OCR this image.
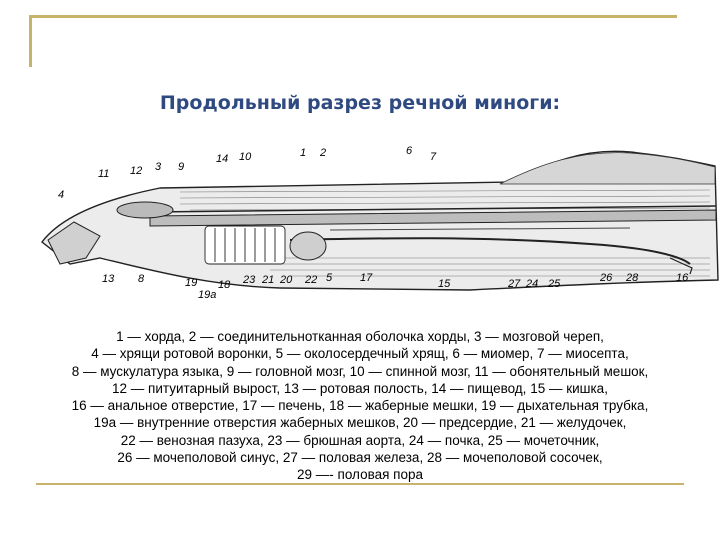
Продольный разрез речной миноги:
11 12 3 9
14 10	1 2	6 7
4
13 8	19
19а
18 23 21 20 22 5	17	15	27 24 25	26 28	16
1 — хорда, 2 — соединительнотканная оболочка хорды, 3 — мозговой череп,
4 — хрящи ротовой воронки, 5 — околосердечный хрящ, 6 — миомер, 7 — миосепта,
8 — мускулатура языка, 9 — головной мозг, 10 — спинной мозг, 11 — обонятельный мешок,
12 — питуитарный вырост, 13 — ротовая полость, 14 — пищевод, 15 — кишка,
16 — анальное отверстие, 17 — печень, 18 — жаберные мешки, 19 — дыхательная трубка,
19а — внутренние отверстия жаберных мешков, 20 — предсердие, 21 — желудочек,
22 — венозная пазуха, 23 — брюшная аорта, 24 — почка, 25 — мочеточник,
26 — мочеполовой синус, 27 — половая железа, 28 — мочеполовой сосочек,
29 —- половая пора
